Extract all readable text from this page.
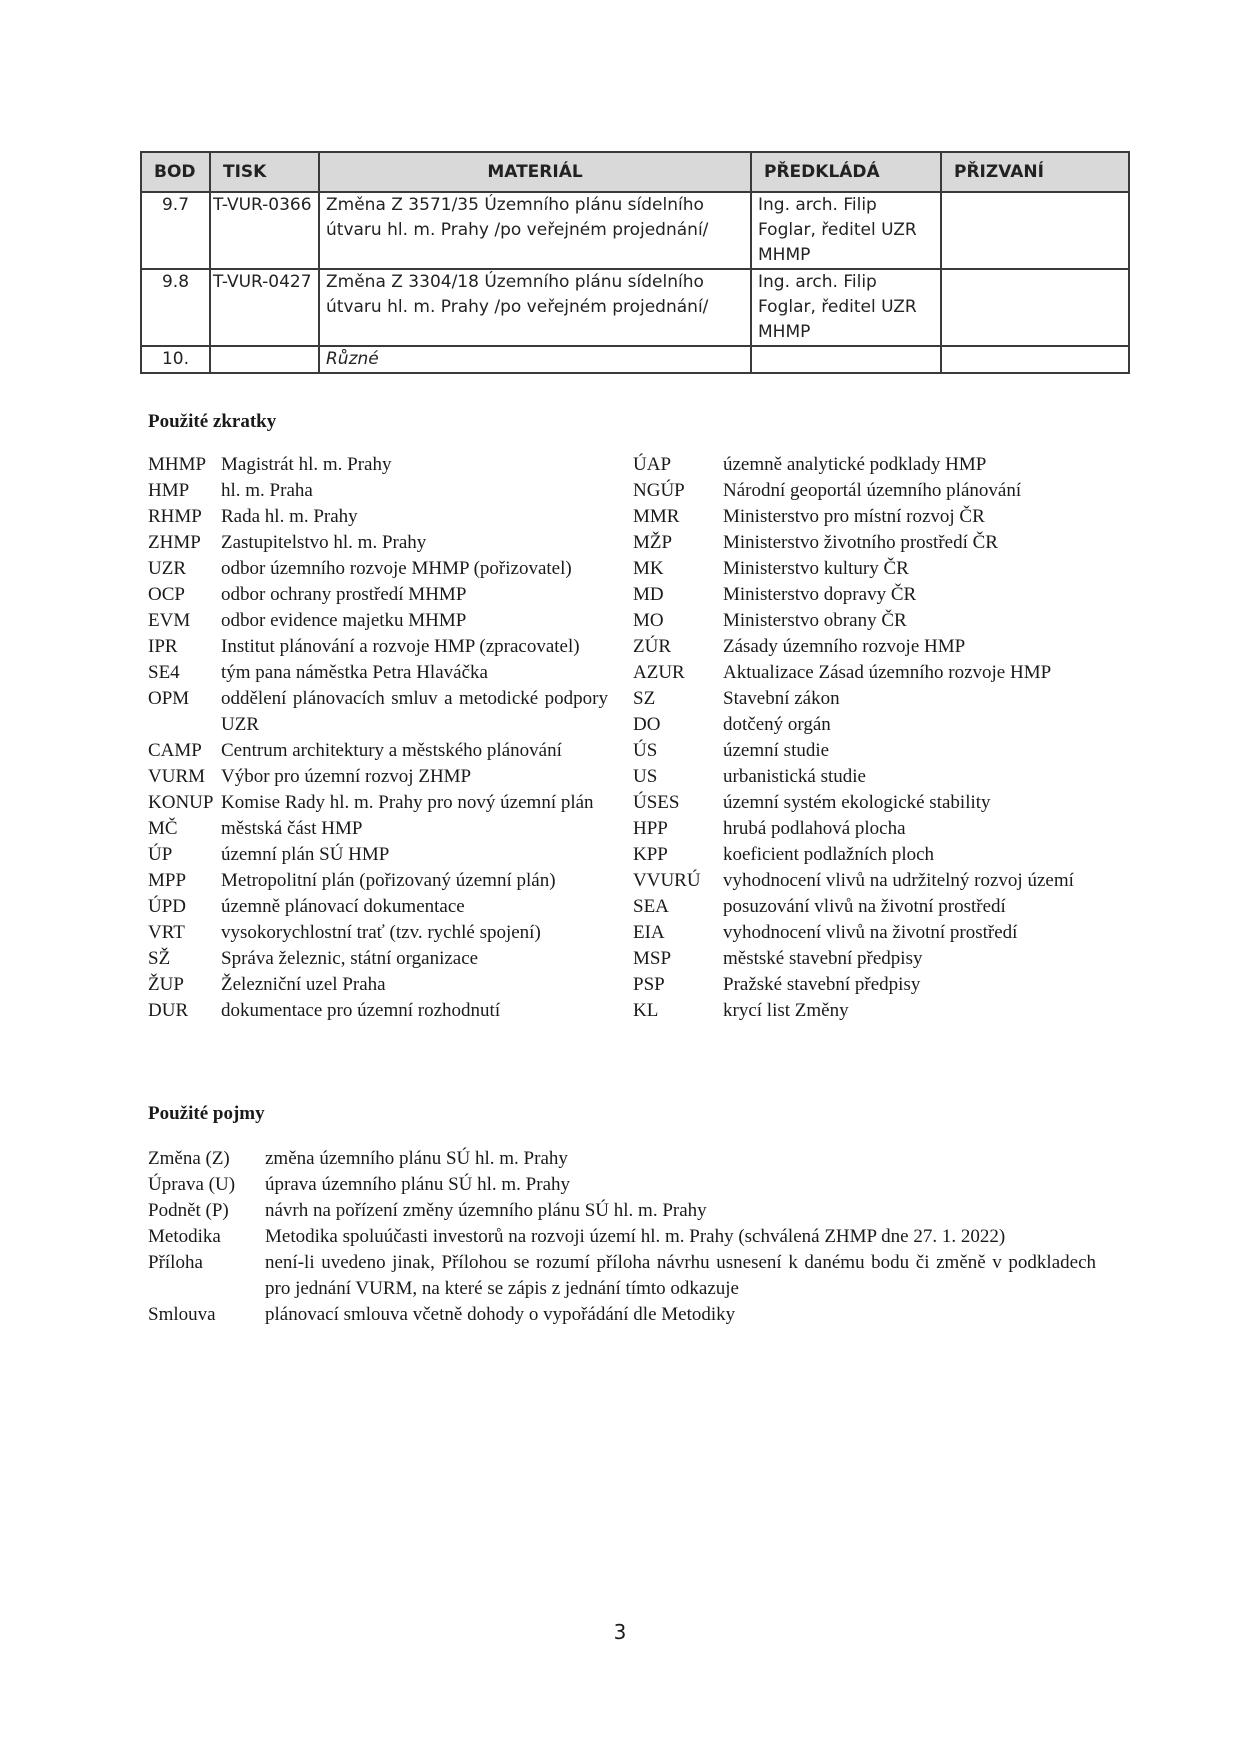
BOD	TISK	MATERIÁL	PŘEDKLÁDÁ	PŘIZVANÍ
9.7	T-VUR-0366	Změna Z 3571/35 Územního plánu sídelního útvaru hl. m. Prahy /po veřejném projednání/	Ing. arch. Filip Foglar, ředitel UZR MHMP	
9.8	T-VUR-0427	Změna Z 3304/18 Územního plánu sídelního útvaru hl. m. Prahy /po veřejném projednání/	Ing. arch. Filip Foglar, ředitel UZR MHMP	
10.		Různé		
Použité zkratky
MHMP Magistrát hl. m. Prahy
HMP	hl. m. Praha
RHMP	Rada hl. m. Prahy
ZHMP	Zastupitelstvo hl. m. Prahy
UZR	odbor územního rozvoje MHMP (pořizovatel)
OCP	odbor ochrany prostředí MHMP
EVM	odbor evidence majetku MHMP
IPR	Institut plánování a rozvoje HMP (zpracovatel)
SE4	tým pana náměstka Petra Hlaváčka
OPM	oddělení plánovacích smluv a metodické podpory UZR
CAMP	Centrum architektury a městského plánování
VURM Výbor pro územní rozvoj ZHMP
KONUP Komise Rady hl. m. Prahy pro nový územní plán
MČ	městská část HMP
ÚP	územní plán SÚ HMP
MPP	Metropolitní plán (pořizovaný územní plán)
ÚPD	územně plánovací dokumentace
VRT	vysokorychlostní trať (tzv. rychlé spojení)
SŽ	Správa železnic, státní organizace
ŽUP	Železniční uzel Praha
DUR	dokumentace pro územní rozhodnutí
ÚAP	územně analytické podklady HMP
NGÚP	Národní geoportál územního plánování
MMR	Ministerstvo pro místní rozvoj ČR
MŽP	Ministerstvo životního prostředí ČR
MK	Ministerstvo kultury ČR
MD	Ministerstvo dopravy ČR
MO	Ministerstvo obrany ČR
ZÚR	Zásady územního rozvoje HMP
AZUR	Aktualizace Zásad územního rozvoje HMP
SZ	Stavební zákon
DO	dotčený orgán
ÚS	územní studie
US	urbanistická studie
ÚSES	územní systém ekologické stability
HPP	hrubá podlahová plocha
KPP	koeficient podlažních ploch
VVURÚ	vyhodnocení vlivů na udržitelný rozvoj území
SEA	posuzování vlivů na životní prostředí
EIA	vyhodnocení vlivů na životní prostředí
MSP	městské stavební předpisy
PSP	Pražské stavební předpisy
KL	krycí list Změny
Použité pojmy
Změna (Z)	změna územního plánu SÚ hl. m. Prahy
Úprava (U)	úprava územního plánu SÚ hl. m. Prahy
Podnět (P)	návrh na pořízení změny územního plánu SÚ hl. m. Prahy
Metodika	Metodika spoluúčasti investorů na rozvoji území hl. m. Prahy (schválená ZHMP dne 27. 1. 2022)
Příloha	není-li uvedeno jinak, Přílohou se rozumí příloha návrhu usnesení k danému bodu či změně v podkladech pro jednání VURM, na které se zápis z jednání tímto odkazuje
Smlouva	plánovací smlouva včetně dohody o vypořádání dle Metodiky
3
